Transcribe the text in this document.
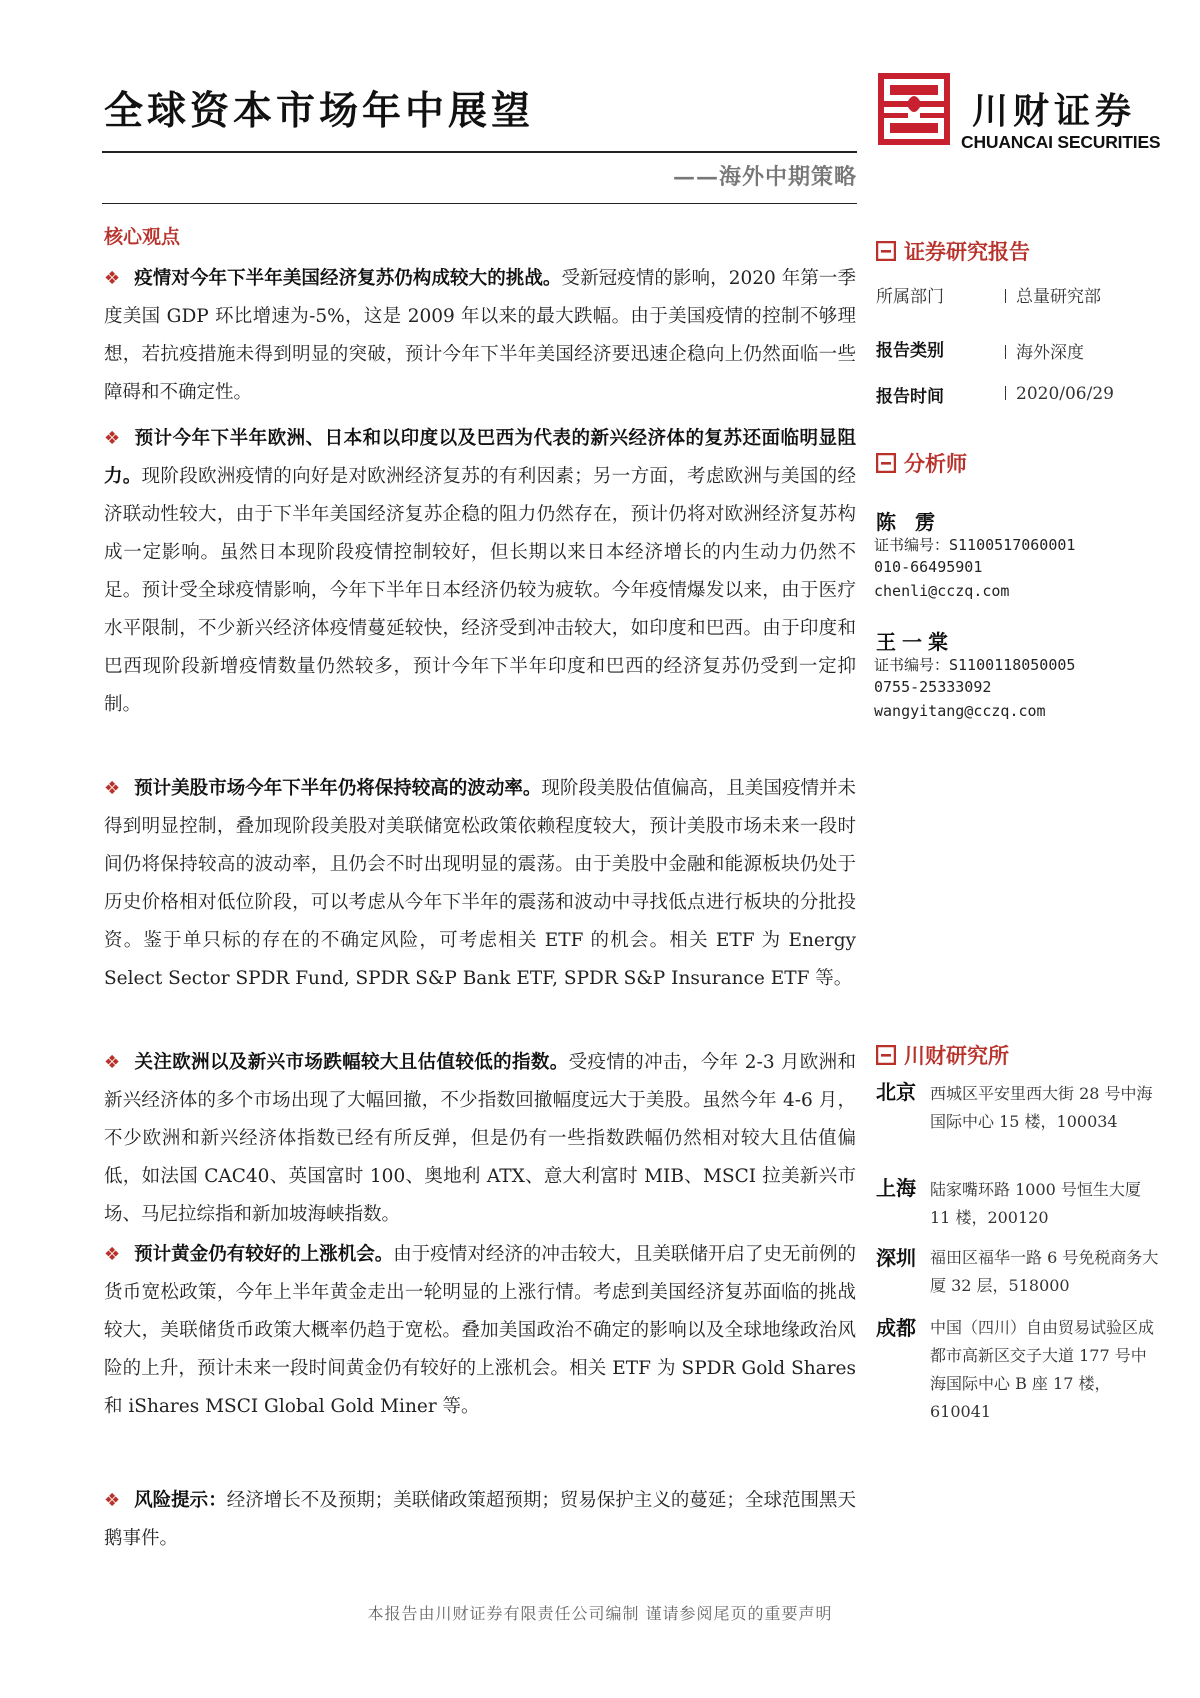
全球资本市场年中展望
——海外中期策略
川财证券
CHUANCAI SECURITIES
核心观点
❖ 疫情对今年下半年美国经济复苏仍构成较大的挑战。受新冠疫情的影响，2020 年第一季度美国 GDP 环比增速为-5%，这是 2009 年以来的最大跌幅。由于美国疫情的控制不够理想，若抗疫措施未得到明显的突破，预计今年下半年美国经济要迅速企稳向上仍然面临一些障碍和不确定性。
❖ 预计今年下半年欧洲、日本和以印度以及巴西为代表的新兴经济体的复苏还面临明显阻力。现阶段欧洲疫情的向好是对欧洲经济复苏的有利因素；另一方面，考虑欧洲与美国的经济联动性较大，由于下半年美国经济复苏企稳的阻力仍然存在，预计仍将对欧洲经济复苏构成一定影响。虽然日本现阶段疫情控制较好，但长期以来日本经济增长的内生动力仍然不足。预计受全球疫情影响，今年下半年日本经济仍较为疲软。今年疫情爆发以来，由于医疗水平限制，不少新兴经济体疫情蔓延较快，经济受到冲击较大，如印度和巴西。由于印度和巴西现阶段新增疫情数量仍然较多，预计今年下半年印度和巴西的经济复苏仍受到一定抑制。
❖ 预计美股市场今年下半年仍将保持较高的波动率。现阶段美股估值偏高，且美国疫情并未得到明显控制，叠加现阶段美股对美联储宽松政策依赖程度较大，预计美股市场未来一段时间仍将保持较高的波动率，且仍会不时出现明显的震荡。由于美股中金融和能源板块仍处于历史价格相对低位阶段，可以考虑从今年下半年的震荡和波动中寻找低点进行板块的分批投资。鉴于单只标的存在的不确定风险，可考虑相关 ETF 的机会。相关 ETF 为 Energy Select Sector SPDR Fund, SPDR S&P Bank ETF, SPDR S&P Insurance ETF 等。
❖ 关注欧洲以及新兴市场跌幅较大且估值较低的指数。受疫情的冲击，今年 2-3 月欧洲和新兴经济体的多个市场出现了大幅回撤，不少指数回撤幅度远大于美股。虽然今年 4-6 月，不少欧洲和新兴经济体指数已经有所反弹，但是仍有一些指数跌幅仍然相对较大且估值偏低，如法国 CAC40、英国富时 100、奥地利 ATX、意大利富时 MIB、MSCI 拉美新兴市场、马尼拉综指和新加坡海峡指数。
❖ 预计黄金仍有较好的上涨机会。由于疫情对经济的冲击较大，且美联储开启了史无前例的货币宽松政策，今年上半年黄金走出一轮明显的上涨行情。考虑到美国经济复苏面临的挑战较大，美联储货币政策大概率仍趋于宽松。叠加美国政治不确定的影响以及全球地缘政治风险的上升，预计未来一段时间黄金仍有较好的上涨机会。相关 ETF 为 SPDR Gold Shares 和 iShares MSCI Global Gold Miner 等。
❖ 风险提示：经济增长不及预期；美联储政策超预期；贸易保护主义的蔓延；全球范围黑天鹅事件。
证券研究报告
所属部门	总量研究部
报告类别	海外深度
报告时间	2020/06/29
分析师
陈 雳
证书编号：S1100517060001
010-66495901
chenli@cczq.com
王一棠
证书编号：S1100118050005
0755-25333092
wangyitang@cczq.com
川财研究所
北京 西城区平安里西大街 28 号中海国际中心 15 楼，100034
上海 陆家嘴环路 1000 号恒生大厦 11 楼，200120
深圳 福田区福华一路 6 号免税商务大厦 32 层，518000
成都 中国（四川）自由贸易试验区成都市高新区交子大道 177 号中海国际中心 B 座 17 楼，610041
本报告由川财证券有限责任公司编制 谨请参阅尾页的重要声明
